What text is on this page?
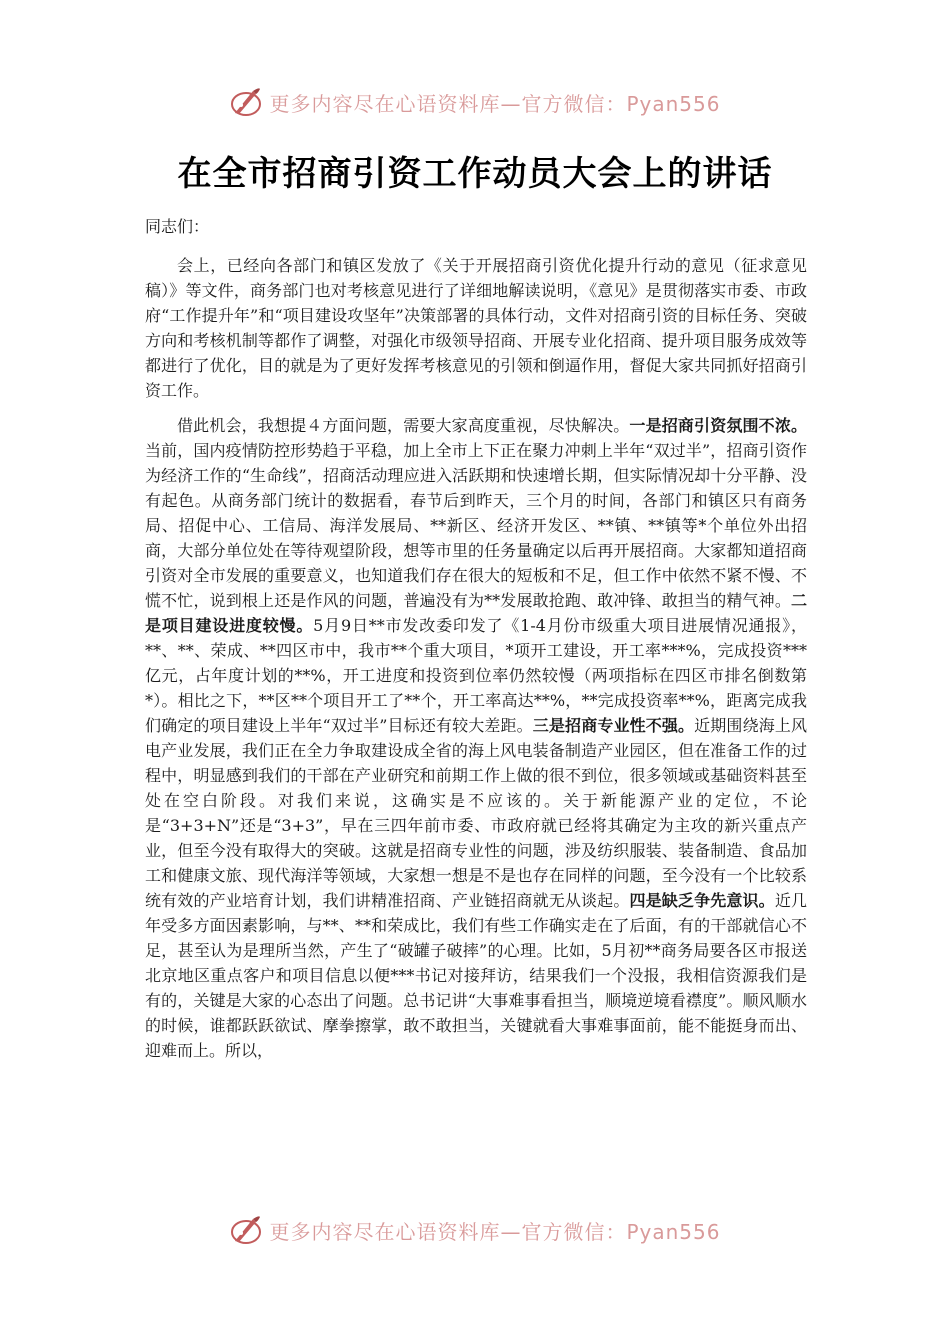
更多内容尽在心语资料库—官方微信：Pyan556
在全市招商引资工作动员大会上的讲话

同志们：

会上，已经向各部门和镇区发放了《关于开展招商引资优化提升行动的意见（征求意见稿）》等文件，商务部门也对考核意见进行了详细地解读说明，《意见》是贯彻落实市委、市政府“工作提升年”和“项目建设攻坚年”决策部署的具体行动，文件对招商引资的目标任务、突破方向和考核机制等都作了调整，对强化市级领导招商、开展专业化招商、提升项目服务成效等都进行了优化，目的就是为了更好发挥考核意见的引领和倒逼作用，督促大家共同抓好招商引资工作。

借此机会，我想提４方面问题，需要大家高度重视，尽快解决。一是招商引资氛围不浓。当前，国内疫情防控形势趋于平稳，加上全市上下正在聚力冲刺上半年“双过半”，招商引资作为经济工作的“生命线”，招商活动理应进入活跃期和快速增长期，但实际情况却十分平静、没有起色。从商务部门统计的数据看，春节后到昨天，三个月的时间，各部门和镇区只有商务局、招促中心、工信局、海洋发展局、**新区、经济开发区、**镇、**镇等*个单位外出招商，大部分单位处在等待观望阶段，想等市里的任务量确定以后再开展招商。大家都知道招商引资对全市发展的重要意义，也知道我们存在很大的短板和不足，但工作中依然不紧不慢、不慌不忙，说到根上还是作风的问题，普遍没有为**发展敢抢跑、敢冲锋、敢担当的精气神。二是项目建设进度较慢。5月9日**市发改委印发了《1-4月份市级重大项目进展情况通报》，**、**、荣成、**四区市中，我市**个重大项目，*项开工建设，开工率***%，完成投资***亿元，占年度计划的**%，开工进度和投资到位率仍然较慢（两项指标在四区市排名倒数第*）。相比之下，**区**个项目开工了**个，开工率高达**%，**完成投资率**%，距离完成我们确定的项目建设上半年“双过半”目标还有较大差距。三是招商专业性不强。近期围绕海上风电产业发展，我们正在全力争取建设成全省的海上风电装备制造产业园区，但在准备工作的过程中，明显感到我们的干部在产业研究和前期工作上做的很不到位，很多领域或基础资料甚至处在空白阶段。对我们来说，这确实是不应该的。关于新能源产业的定位，不论是“3+3+N”还是“3+3”，早在三四年前市委、市政府就已经将其确定为主攻的新兴重点产业，但至今没有取得大的突破。这就是招商专业性的问题，涉及纺织服装、装备制造、食品加工和健康文旅、现代海洋等领域，大家想一想是不是也存在同样的问题，至今没有一个比较系统有效的产业培育计划，我们讲精准招商、产业链招商就无从谈起。四是缺乏争先意识。近几年受多方面因素影响，与**、**和荣成比，我们有些工作确实走在了后面，有的干部就信心不足，甚至认为是理所当然，产生了“破罐子破摔”的心理。比如，5月初**商务局要各区市报送北京地区重点客户和项目信息以便***书记对接拜访，结果我们一个没报，我相信资源我们是有的，关键是大家的心态出了问题。总书记讲“大事难事看担当，顺境逆境看襟度”。顺风顺水的时候，谁都跃跃欲试、摩拳擦掌，敢不敢担当，关键就看大事难事面前，能不能挺身而出、迎难而上。所以，

更多内容尽在心语资料库—官方微信：Pyan556
